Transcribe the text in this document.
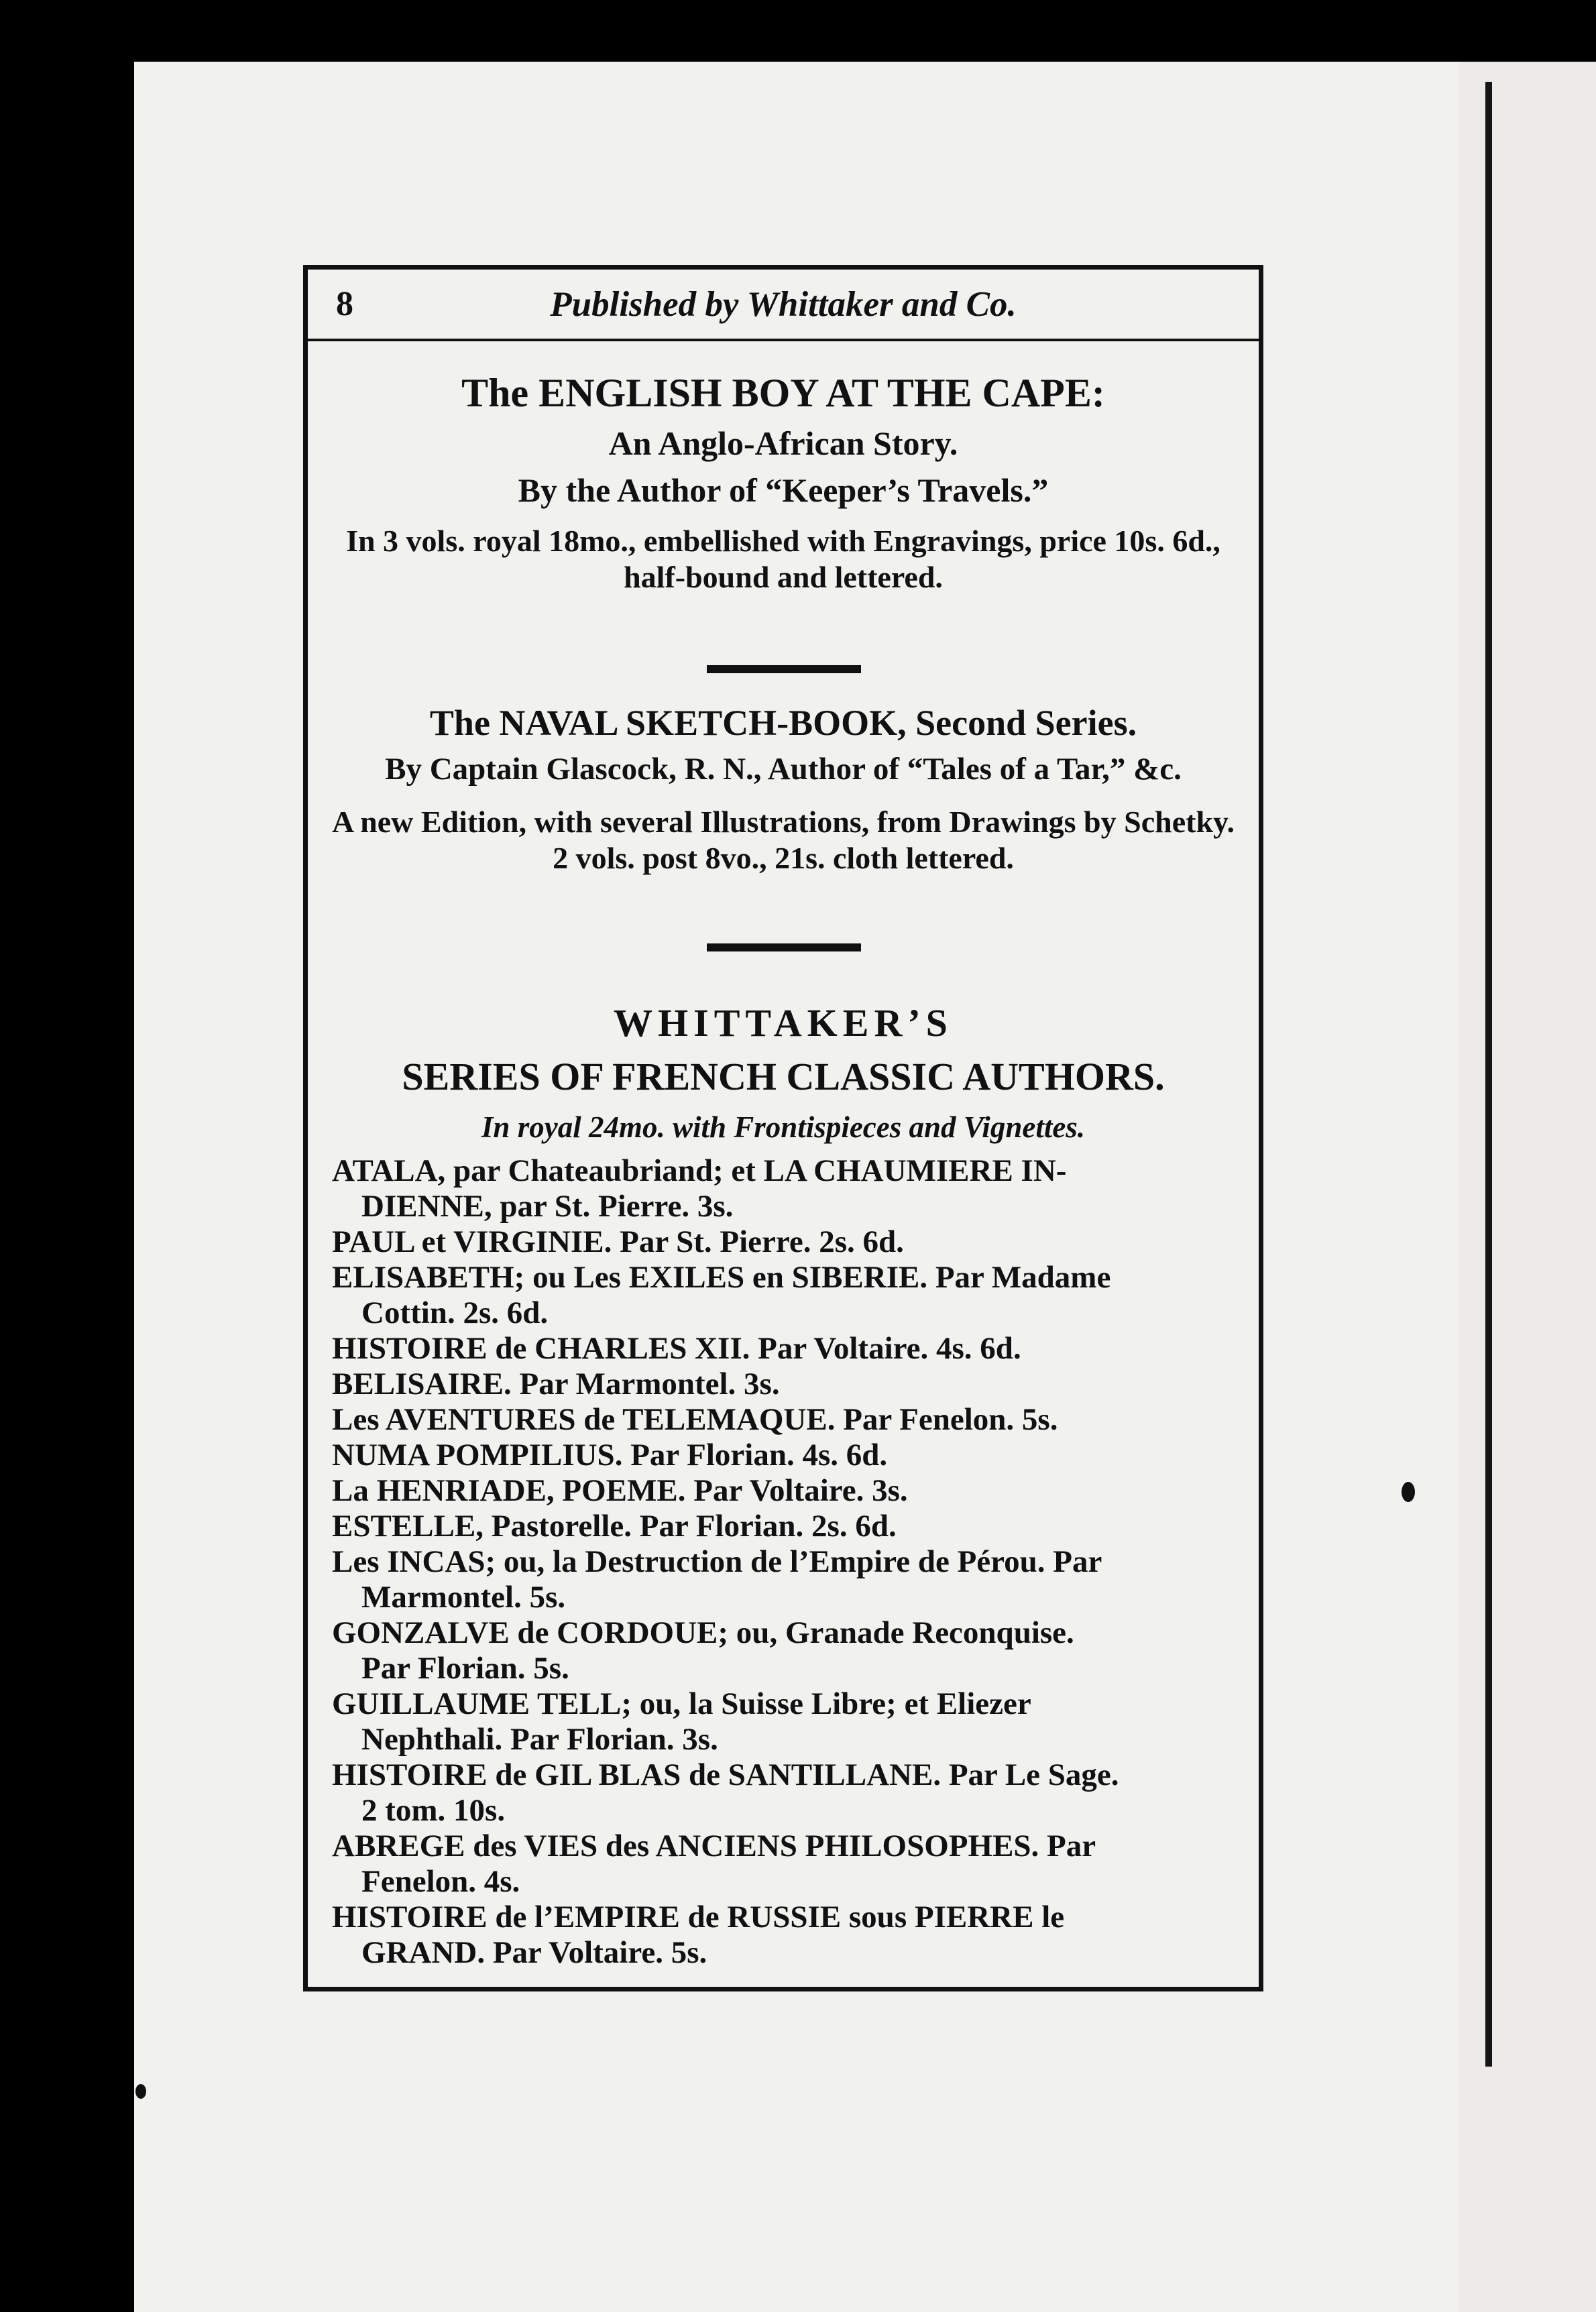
8	Published by Whittaker and Co.
The ENGLISH BOY AT THE CAPE:
An Anglo-African Story.
By the Author of “Keeper’s Travels.”
In 3 vols. royal 18mo., embellished with Engravings, price 10s. 6d., half-bound and lettered.
The NAVAL SKETCH-BOOK, Second Series.
By Captain Glascock, R. N., Author of “Tales of a Tar,” &c.
A new Edition, with several Illustrations, from Drawings by Schetky. 2 vols. post 8vo., 21s. cloth lettered.
WHITTAKER’S
SERIES OF FRENCH CLASSIC AUTHORS.
In royal 24mo. with Frontispieces and Vignettes.
ATALA, par Chateaubriand; et LA CHAUMIERE IN-
DIENNE, par St. Pierre. 3s.
PAUL et VIRGINIE. Par St. Pierre. 2s. 6d.
ELISABETH; ou Les EXILES en SIBERIE. Par Madame
Cottin. 2s. 6d.
HISTOIRE de CHARLES XII. Par Voltaire. 4s. 6d.
BELISAIRE. Par Marmontel. 3s.
Les AVENTURES de TELEMAQUE. Par Fenelon. 5s.
NUMA POMPILIUS. Par Florian. 4s. 6d.
La HENRIADE, POEME. Par Voltaire. 3s.
ESTELLE, Pastorelle. Par Florian. 2s. 6d.
Les INCAS; ou, la Destruction de l’Empire de Pérou. Par
Marmontel. 5s.
GONZALVE de CORDOUE; ou, Granade Reconquise.
Par Florian. 5s.
GUILLAUME TELL; ou, la Suisse Libre; et Eliezer
Nephthali. Par Florian. 3s.
HISTOIRE de GIL BLAS de SANTILLANE. Par Le Sage.
2 tom. 10s.
ABREGE des VIES des ANCIENS PHILOSOPHES. Par
Fenelon. 4s.
HISTOIRE de l’EMPIRE de RUSSIE sous PIERRE le
GRAND. Par Voltaire. 5s.
